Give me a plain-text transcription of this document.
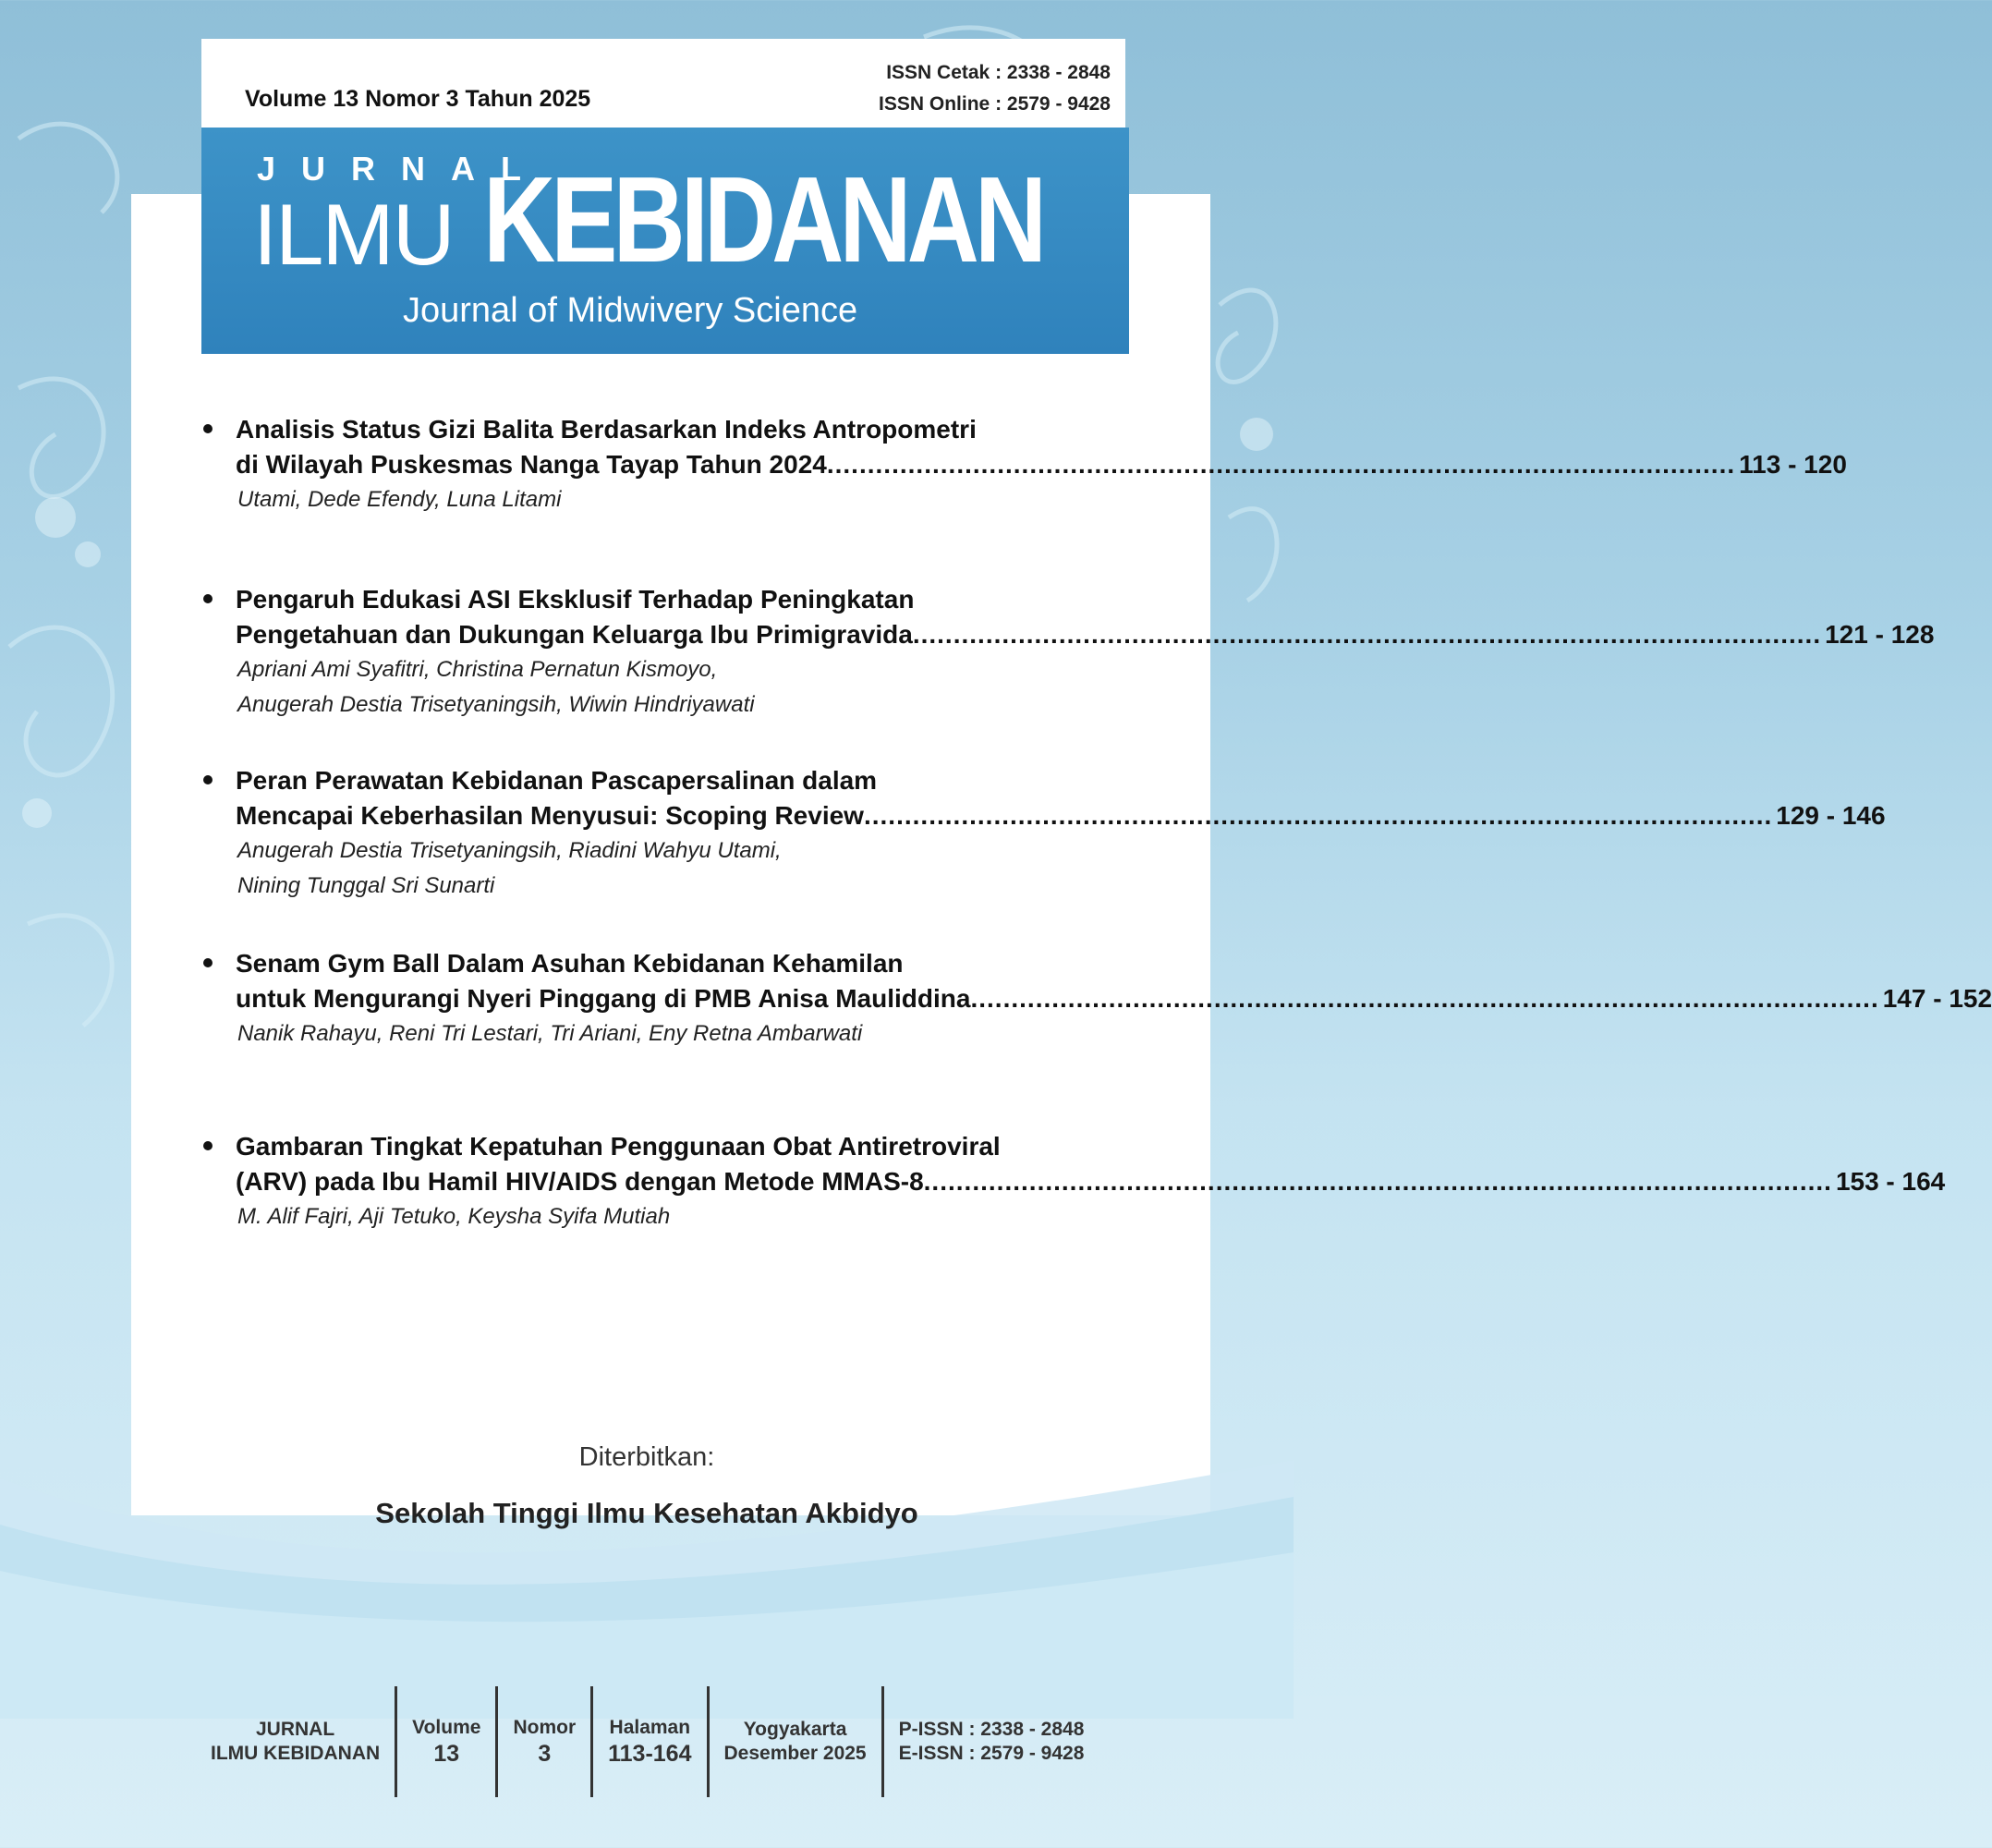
Volume 13 Nomor 3 Tahun 2025
ISSN Cetak : 2338 - 2848
ISSN Online : 2579 - 9428
JURNAL
ILMU KEBIDANAN
Journal of Midwivery Science
Analisis Status Gizi Balita Berdasarkan Indeks Antropometri
di Wilayah Puskesmas Nanga Tayap Tahun 2024 ................................................................................................................ 113 - 120
Utami, Dede Efendy, Luna Litami
Pengaruh Edukasi ASI Eksklusif Terhadap Peningkatan
Pengetahuan dan Dukungan Keluarga Ibu Primigravida ................................................................................................................ 121 - 128
Apriani Ami Syafitri, Christina Pernatun Kismoyo,
Anugerah Destia Trisetyaningsih, Wiwin Hindriyawati
Peran Perawatan Kebidanan Pascapersalinan dalam
Mencapai Keberhasilan Menyusui: Scoping Review ................................................................................................................ 129 - 146
Anugerah Destia Trisetyaningsih, Riadini Wahyu Utami,
Nining Tunggal Sri Sunarti
Senam Gym Ball Dalam Asuhan Kebidanan Kehamilan
untuk Mengurangi Nyeri Pinggang di PMB Anisa Mauliddina ................................................................................................................ 147 - 152
Nanik Rahayu, Reni Tri Lestari, Tri Ariani, Eny Retna Ambarwati
Gambaran Tingkat Kepatuhan Penggunaan Obat Antiretroviral
(ARV) pada Ibu Hamil HIV/AIDS dengan Metode MMAS-8 ................................................................................................................ 153 - 164
M. Alif Fajri, Aji Tetuko, Keysha Syifa Mutiah
Diterbitkan:
Sekolah Tinggi Ilmu Kesehatan Akbidyo
JURNAL
ILMU KEBIDANAN
Volume
13
Nomor
3
Halaman
113-164
Yogyakarta
Desember 2025
P-ISSN : 2338 - 2848
E-ISSN : 2579 - 9428
